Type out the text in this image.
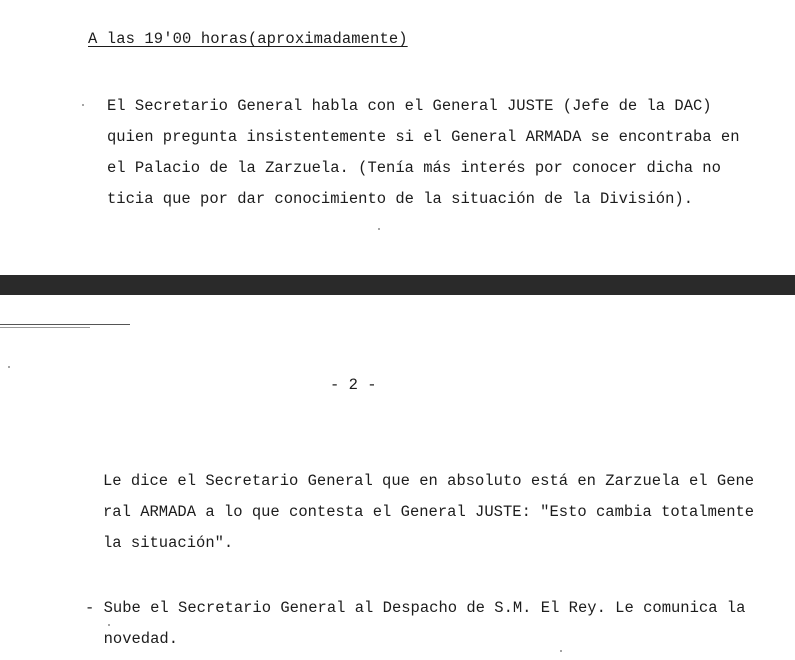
A las 19'00 horas(aproximadamente)
El Secretario General habla con el General JUSTE (Jefe de la DAC)
quien pregunta insistentemente si el General ARMADA se encontraba en
el Palacio de la Zarzuela. (Tenía más interés por conocer dicha no
ticia que por dar conocimiento de la situación de la División).
- 2 -
Le dice el Secretario General que en absoluto está en Zarzuela el Gene
ral ARMADA a lo que contesta el General JUSTE: "Esto cambia totalmente
la situación".
- Sube el Secretario General al Despacho de S.M. El Rey. Le comunica la
novedad.
